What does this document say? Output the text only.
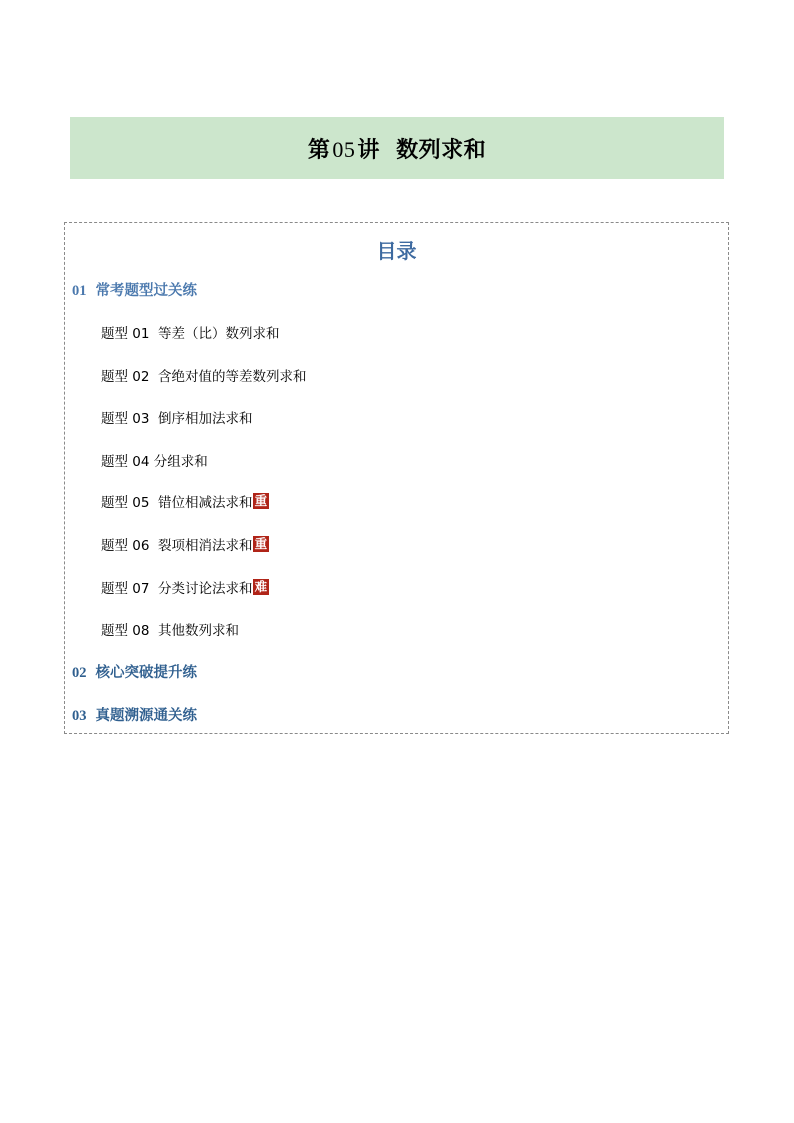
第05讲  数列求和
目录
01 常考题型过关练
题型 01  等差（比）数列求和
题型 02  含绝对值的等差数列求和
题型 03  倒序相加法求和
题型 04 分组求和
题型 05  错位相减法求和 重
题型 06  裂项相消法求和 重
题型 07  分类讨论法求和 难
题型 08  其他数列求和
02 核心突破提升练
03 真题溯源通关练
